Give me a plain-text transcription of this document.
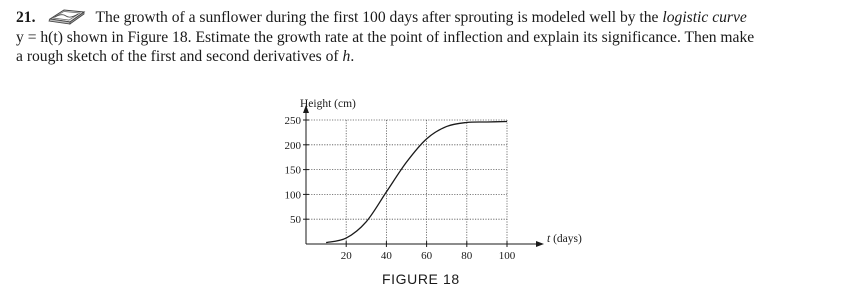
21.	The growth of a sunflower during the first 100 days after sprouting is modeled well by the logistic curve
y = h(t) shown in Figure 18. Estimate the growth rate at the point of inflection and explain its significance. Then make
a rough sketch of the first and second derivatives of h.
20	40	60	80 100
50
100
150
200
250
Height (cm)
t (days)
FIGURE 18
